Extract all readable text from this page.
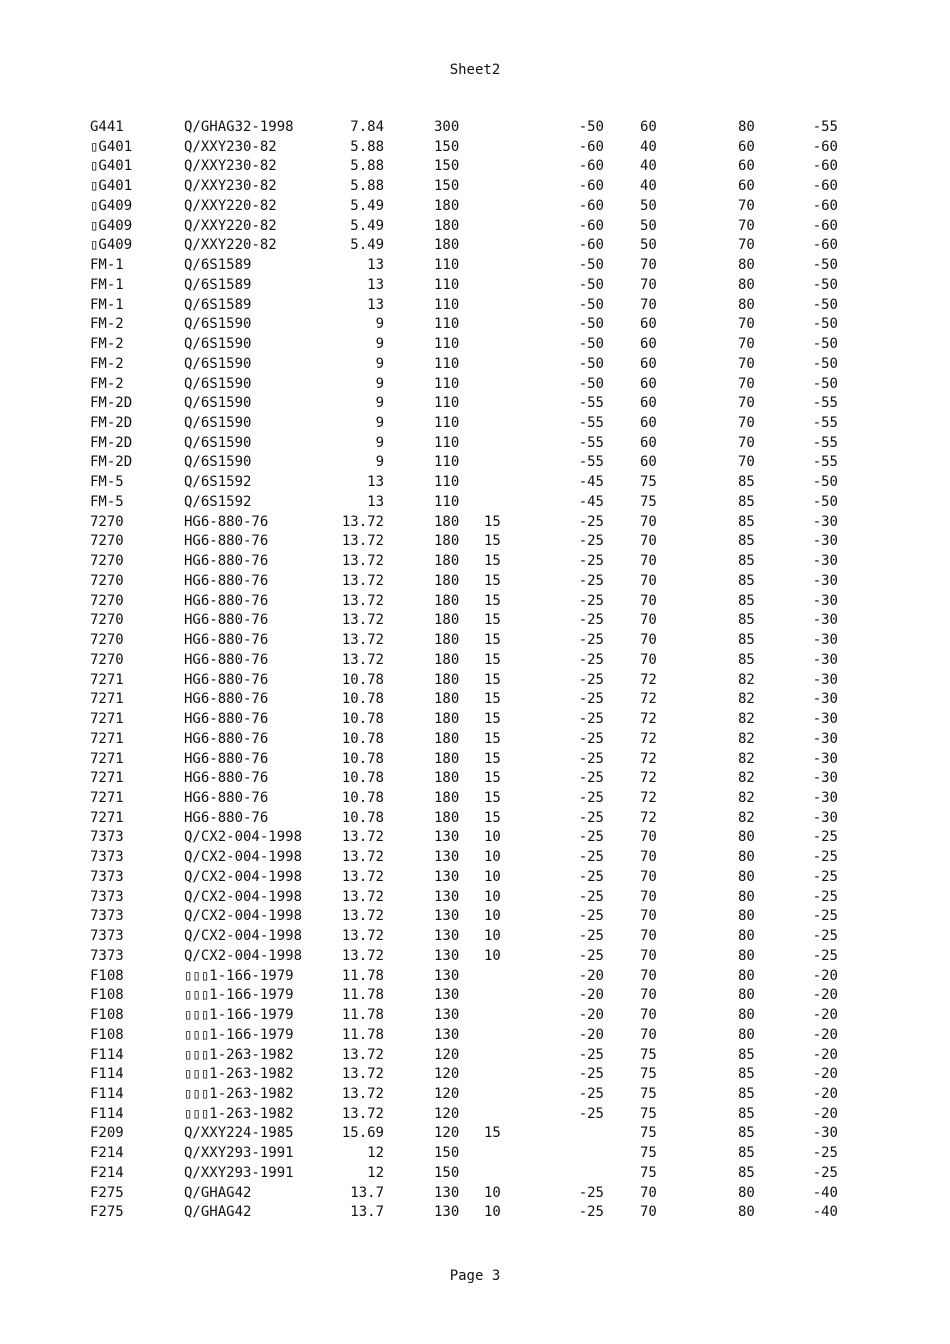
Sheet2
G441	Q/GHAG32-1998	7.84	300		-50	60	80	-55
▯G401	Q/XXY230-82	5.88	150		-60	40	60	-60
▯G401	Q/XXY230-82	5.88	150		-60	40	60	-60
▯G401	Q/XXY230-82	5.88	150		-60	40	60	-60
▯G409	Q/XXY220-82	5.49	180		-60	50	70	-60
▯G409	Q/XXY220-82	5.49	180		-60	50	70	-60
▯G409	Q/XXY220-82	5.49	180		-60	50	70	-60
FM-1	Q/6S1589	13	110		-50	70	80	-50
FM-1	Q/6S1589	13	110		-50	70	80	-50
FM-1	Q/6S1589	13	110		-50	70	80	-50
FM-2	Q/6S1590	9	110		-50	60	70	-50
FM-2	Q/6S1590	9	110		-50	60	70	-50
FM-2	Q/6S1590	9	110		-50	60	70	-50
FM-2	Q/6S1590	9	110		-50	60	70	-50
FM-2D	Q/6S1590	9	110		-55	60	70	-55
FM-2D	Q/6S1590	9	110		-55	60	70	-55
FM-2D	Q/6S1590	9	110		-55	60	70	-55
FM-2D	Q/6S1590	9	110		-55	60	70	-55
FM-5	Q/6S1592	13	110		-45	75	85	-50
FM-5	Q/6S1592	13	110		-45	75	85	-50
7270	HG6-880-76	13.72	180	15	-25	70	85	-30
7270	HG6-880-76	13.72	180	15	-25	70	85	-30
7270	HG6-880-76	13.72	180	15	-25	70	85	-30
7270	HG6-880-76	13.72	180	15	-25	70	85	-30
7270	HG6-880-76	13.72	180	15	-25	70	85	-30
7270	HG6-880-76	13.72	180	15	-25	70	85	-30
7270	HG6-880-76	13.72	180	15	-25	70	85	-30
7270	HG6-880-76	13.72	180	15	-25	70	85	-30
7271	HG6-880-76	10.78	180	15	-25	72	82	-30
7271	HG6-880-76	10.78	180	15	-25	72	82	-30
7271	HG6-880-76	10.78	180	15	-25	72	82	-30
7271	HG6-880-76	10.78	180	15	-25	72	82	-30
7271	HG6-880-76	10.78	180	15	-25	72	82	-30
7271	HG6-880-76	10.78	180	15	-25	72	82	-30
7271	HG6-880-76	10.78	180	15	-25	72	82	-30
7271	HG6-880-76	10.78	180	15	-25	72	82	-30
7373	Q/CX2-004-1998	13.72	130	10	-25	70	80	-25
7373	Q/CX2-004-1998	13.72	130	10	-25	70	80	-25
7373	Q/CX2-004-1998	13.72	130	10	-25	70	80	-25
7373	Q/CX2-004-1998	13.72	130	10	-25	70	80	-25
7373	Q/CX2-004-1998	13.72	130	10	-25	70	80	-25
7373	Q/CX2-004-1998	13.72	130	10	-25	70	80	-25
7373	Q/CX2-004-1998	13.72	130	10	-25	70	80	-25
F108	▯▯▯1-166-1979	11.78	130		-20	70	80	-20
F108	▯▯▯1-166-1979	11.78	130		-20	70	80	-20
F108	▯▯▯1-166-1979	11.78	130		-20	70	80	-20
F108	▯▯▯1-166-1979	11.78	130		-20	70	80	-20
F114	▯▯▯1-263-1982	13.72	120		-25	75	85	-20
F114	▯▯▯1-263-1982	13.72	120		-25	75	85	-20
F114	▯▯▯1-263-1982	13.72	120		-25	75	85	-20
F114	▯▯▯1-263-1982	13.72	120		-25	75	85	-20
F209	Q/XXY224-1985	15.69	120	15		75	85	-30
F214	Q/XXY293-1991	12	150			75	85	-25
F214	Q/XXY293-1991	12	150			75	85	-25
F275	Q/GHAG42	13.7	130	10	-25	70	80	-40
F275	Q/GHAG42	13.7	130	10	-25	70	80	-40
Page 3
